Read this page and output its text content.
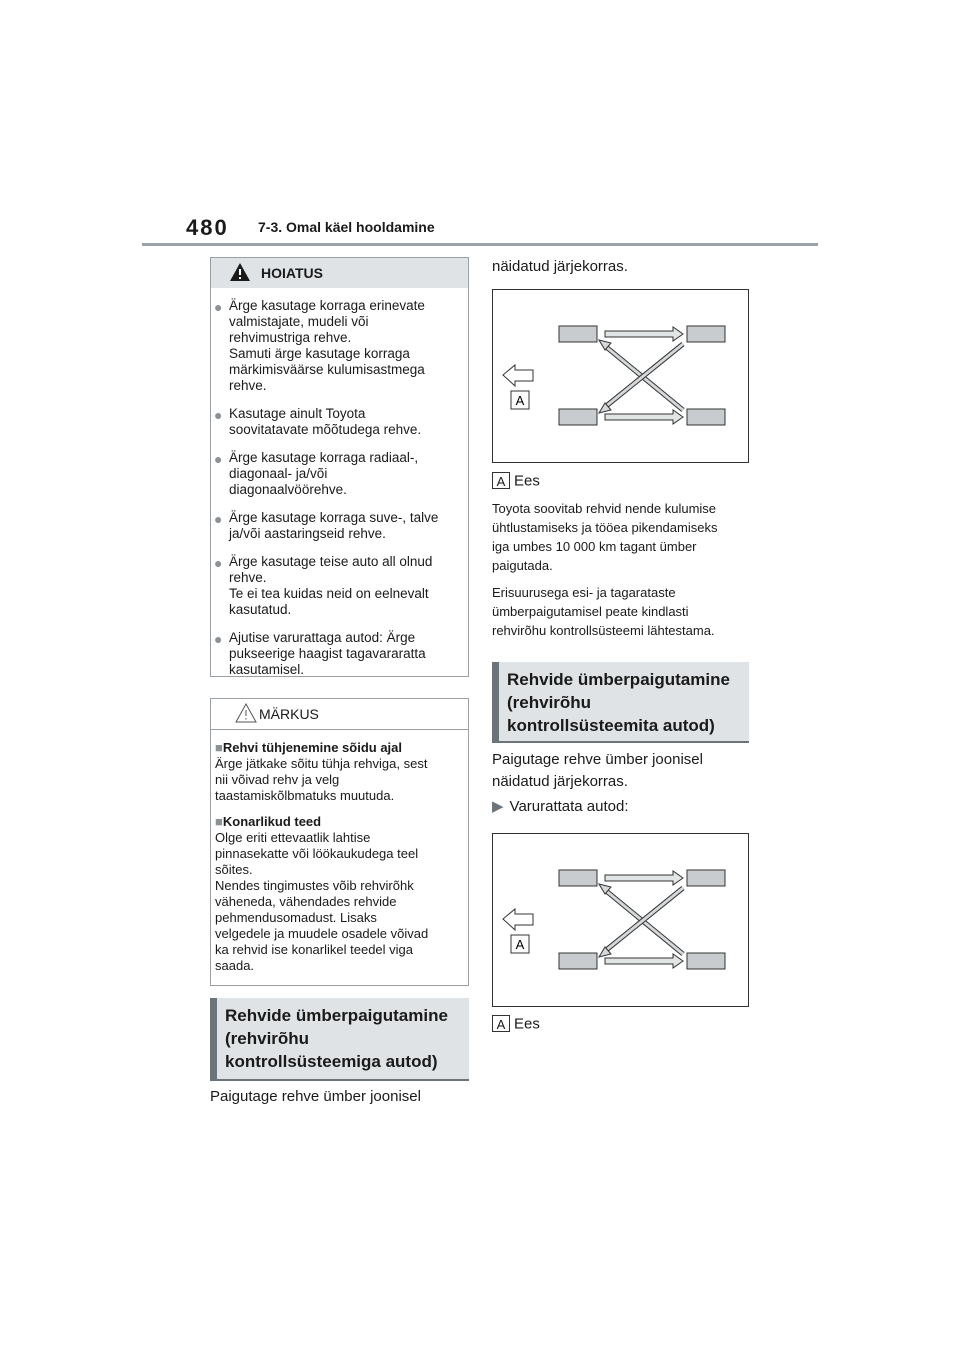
480 7-3. Omal käel hooldamine
HOIATUS
● Ärge kasutage korraga erinevate
valmistajate, mudeli või
rehvimustriga rehve.
Samuti ärge kasutage korraga
märkimisväärse kulumisastmega
rehve.
● Kasutage ainult Toyota
soovitatavate mõõtudega rehve.
● Ärge kasutage korraga radiaal-,
diagonaal- ja/või
diagonaalvöörehve.
● Ärge kasutage korraga suve-, talve
ja/või aastaringseid rehve.
● Ärge kasutage teise auto all olnud
rehve.
Te ei tea kuidas neid on eelnevalt
kasutatud.
● Ajutise varurattaga autod: Ärge
pukseerige haagist tagavararatta
kasutamisel.
MÄRKUS
■Rehvi tühjenemine sõidu ajal
Ärge jätkake sõitu tühja rehviga, sest
nii võivad rehv ja velg
taastamiskõlbmatuks muutuda.
■Konarlikud teed
Olge eriti ettevaatlik lahtise
pinnasekatte või löökaukudega teel
sõites.
Nendes tingimustes võib rehvirõhk
väheneda, vähendades rehvide
pehmendusomadust. Lisaks
velgedele ja muudele osadele võivad
ka rehvid ise konarlikel teedel viga
saada.
Rehvide ümberpaigutamine
(rehvirõhu
kontrollsüsteemiga autod)
Paigutage rehve ümber joonisel
näidatud järjekorras.
A
A Ees
Toyota soovitab rehvid nende kulumise
ühtlustamiseks ja tööea pikendamiseks
iga umbes 10 000 km tagant ümber
paigutada.
Erisuurusega esi- ja tagarataste
ümberpaigutamisel peate kindlasti
rehvirõhu kontrollsüsteemi lähtestama.
Rehvide ümberpaigutamine
(rehvirõhu
kontrollsüsteemita autod)
Paigutage rehve ümber joonisel
näidatud järjekorras.
▶ Varurattata autod:
A
A Ees
